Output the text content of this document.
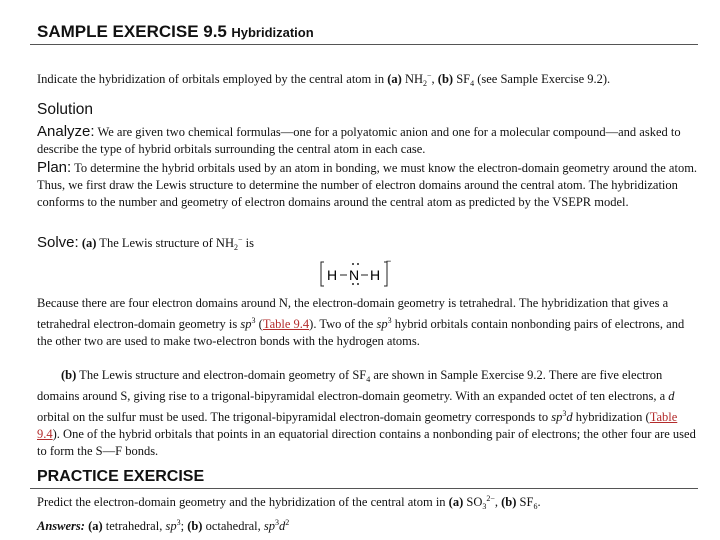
SAMPLE EXERCISE 9.5 Hybridization
Indicate the hybridization of orbitals employed by the central atom in (a) $NH_2^-$, (b) $SF_4$ (see Sample Exercise 9.2).
Solution
Analyze: We are given two chemical formulas—one for a polyatomic anion and one for a molecular compound—and asked to describe the type of hybrid orbitals surrounding the central atom in each case.
Plan: To determine the hybrid orbitals used by an atom in bonding, we must know the electron-domain geometry around the atom. Thus, we first draw the Lewis structure to determine the number of electron domains around the central atom. The hybridization conforms to the number and geometry of electron domains around the central atom as predicted by the VSEPR model.
Solve: (a) The Lewis structure of $NH_2^-$ is
H N H
−
Because there are four electron domains around N, the electron-domain geometry is tetrahedral. The hybridization that gives a tetrahedral electron-domain geometry is $sp^3$ (Table 9.4). Two of the $sp^3$ hybrid orbitals contain nonbonding pairs of electrons, and the other two are used to make two-electron bonds with the hydrogen atoms.
(b) The Lewis structure and electron-domain geometry of $SF_4$ are shown in Sample Exercise 9.2. There are five electron domains around S, giving rise to a trigonal-bipyramidal electron-domain geometry. With an expanded octet of ten electrons, a d orbital on the sulfur must be used. The trigonal-bipyramidal electron-domain geometry corresponds to $sp^3d$ hybridization (Table 9.4). One of the hybrid orbitals that points in an equatorial direction contains a nonbonding pair of electrons; the other four are used to form the S—F bonds.
PRACTICE EXERCISE
Predict the electron-domain geometry and the hybridization of the central atom in (a) $SO_3^{2-}$, (b) $SF_6$.
Answers: (a) tetrahedral, $sp^3$; (b) octahedral, $sp^3d^2$
